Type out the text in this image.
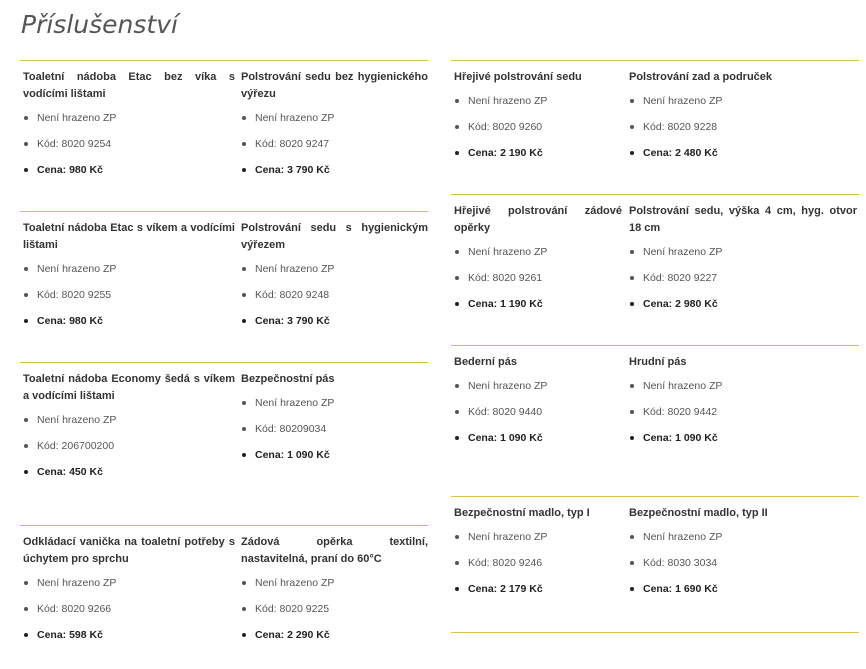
Příslušenství
Toaletní nádoba Etac bez víka s vodícími lištami
Není hrazeno ZP
Kód: 8020 9254
Cena: 980 Kč
Polstrování sedu bez hygienického výřezu
Není hrazeno ZP
Kód: 8020 9247
Cena: 3 790 Kč
Toaletní nádoba Etac s víkem a vodícími lištami
Není hrazeno ZP
Kód: 8020 9255
Cena: 980 Kč
Polstrování sedu s hygienickým výřezem
Není hrazeno ZP
Kód: 8020 9248
Cena: 3 790 Kč
Toaletní nádoba Economy šedá s víkem a vodícími lištami
Není hrazeno ZP
Kód: 206700200
Cena: 450 Kč
Bezpečnostní pás
Není hrazeno ZP
Kód: 80209034
Cena: 1 090 Kč
Odkládací vanička na toaletní potřeby s úchytem pro sprchu
Není hrazeno ZP
Kód: 8020 9266
Cena: 598 Kč
Zádová opěrka textilní, nastavitelná, praní do 60°C
Není hrazeno ZP
Kód: 8020 9225
Cena: 2 290 Kč
Hřejivé polstrování sedu
Není hrazeno ZP
Kód: 8020 9260
Cena: 2 190 Kč
Polstrování zad a područek
Není hrazeno ZP
Kód: 8020 9228
Cena: 2 480 Kč
Hřejivé polstrování zádové opěrky
Není hrazeno ZP
Kód: 8020 9261
Cena: 1 190 Kč
Polstrování sedu, výška 4 cm, hyg. otvor 18 cm
Není hrazeno ZP
Kód: 8020 9227
Cena: 2 980 Kč
Bederní pás
Není hrazeno ZP
Kód: 8020 9440
Cena: 1 090 Kč
Hrudní pás
Není hrazeno ZP
Kód: 8020 9442
Cena: 1 090 Kč
Bezpečnostní madlo, typ I
Není hrazeno ZP
Kód: 8020 9246
Cena: 2 179 Kč
Bezpečnostní madlo, typ II
Není hrazeno ZP
Kód: 8030 3034
Cena: 1 690 Kč
